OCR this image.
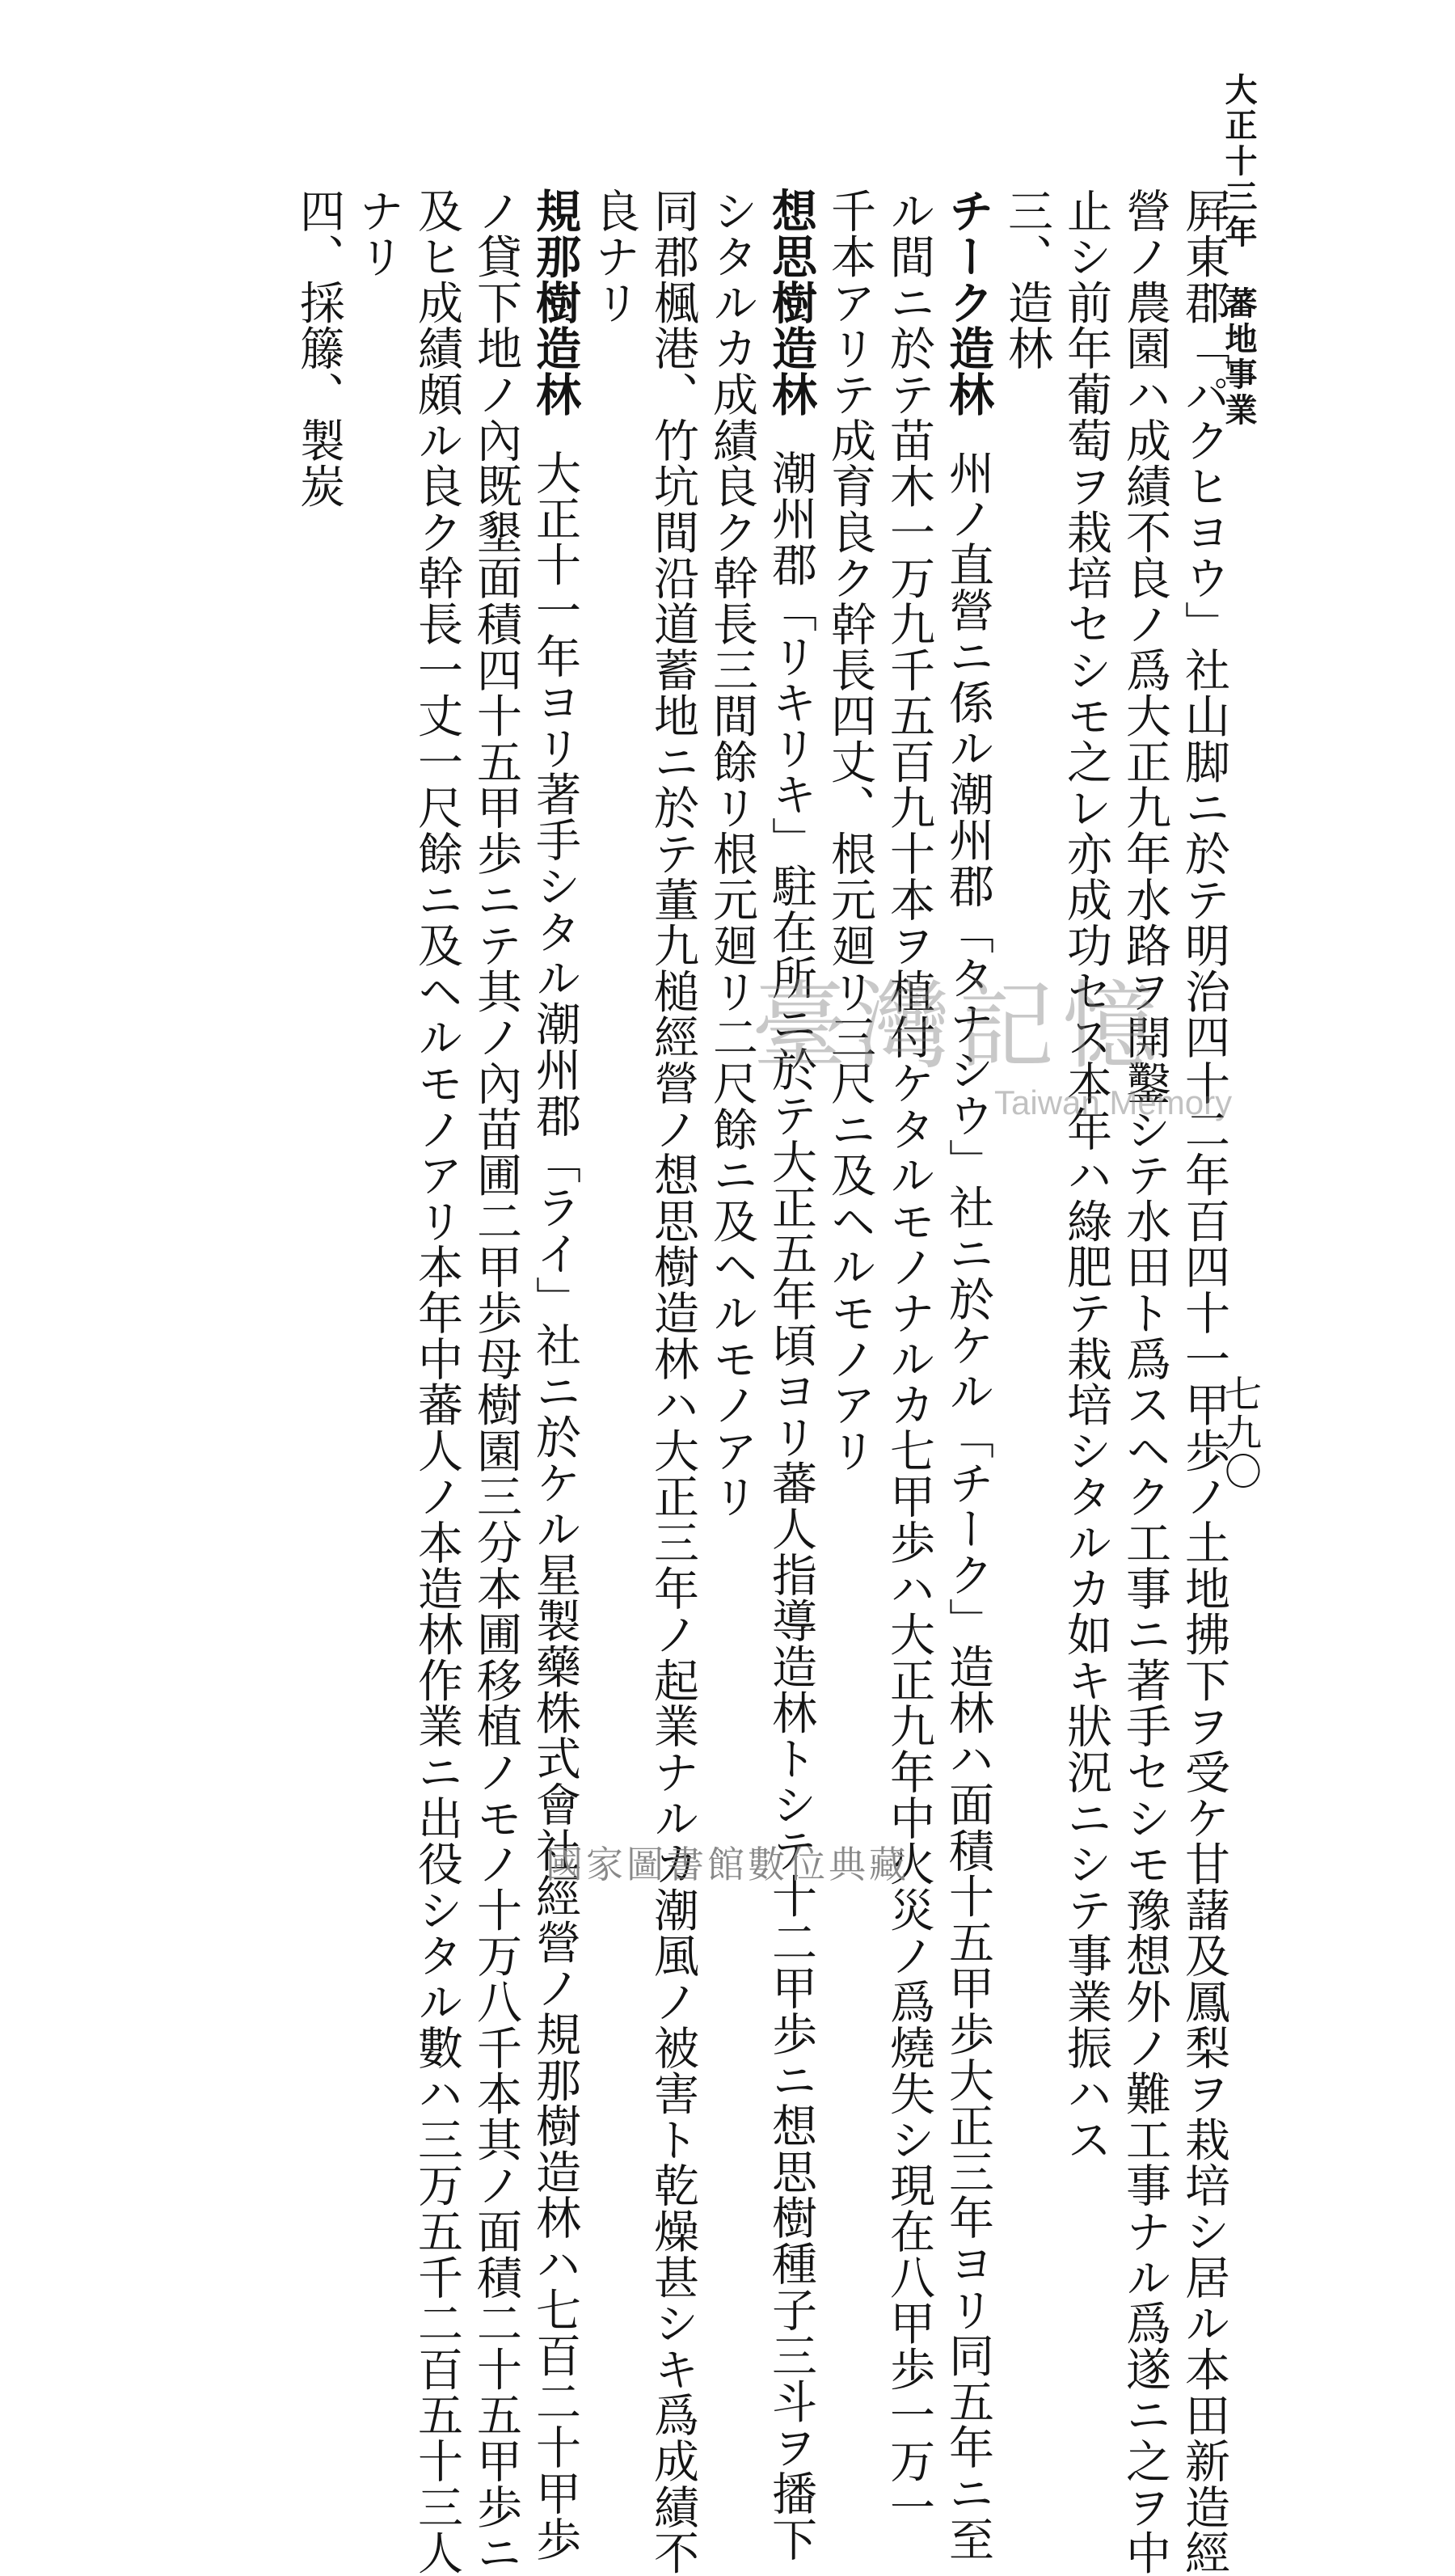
大正十三年　蕃地事業
七九〇
屛東郡「パクヒヨウ」社山脚ニ於テ明治四十二年百四十一甲歩ノ土地拂下ヲ受ケ甘藷及鳳梨ヲ栽培シ居ル本田新造經
營ノ農園ハ成績不良ノ爲大正九年水路ヲ開鑿シテ水田ト爲スヘク工事ニ著手セシモ豫想外ノ難工事ナル爲遂ニ之ヲ中
止シ前年葡萄ヲ栽培セシモ之レ亦成功セス本年ハ綠肥テ栽培シタルカ如キ狀況ニシテ事業振ハス
三、造林
チーク造林州ノ直營ニ係ル潮州郡「タナシウ」社ニ於ケル「チーク」造林ハ面積十五甲歩大正三年ヨリ同五年ニ至
ル間ニ於テ苗木一万九千五百九十本ヲ植付ケタルモノナルカ七甲歩ハ大正九年中火災ノ爲燒失シ現在八甲歩一万一
千本アリテ成育良ク幹長四丈、根元廻リ三尺ニ及ヘルモノアリ
想思樹造林潮州郡「リキリキ」駐在所ニ於テ大正五年頃ヨリ蕃人指導造林トシテ十二甲歩ニ想思樹種子三斗ヲ播下
シタルカ成績良ク幹長三間餘リ根元廻リ二尺餘ニ及ヘルモノアリ
同郡楓港、竹坑間沿道蓄地ニ於テ董九槌經營ノ想思樹造林ハ大正三年ノ起業ナルカ潮風ノ被害ト乾燥甚シキ爲成績不
良ナリ
規那樹造林大正十一年ヨリ著手シタル潮州郡「ライ」社ニ於ケル星製藥株式會社經營ノ規那樹造林ハ七百二十甲歩
ノ貸下地ノ內既墾面積四十五甲歩ニテ其ノ內苗圃二甲歩母樹園三分本圃移植ノモノ十万八千本其ノ面積二十五甲歩ニ
及ヒ成績頗ル良ク幹長一丈一尺餘ニ及ヘルモノアリ本年中蕃人ノ本造林作業ニ出役シタル數ハ三万五千二百五十三人
ナリ
四、採籐、製炭
臺灣記憶
Taiwan Memory
國家圖書館數位典藏
